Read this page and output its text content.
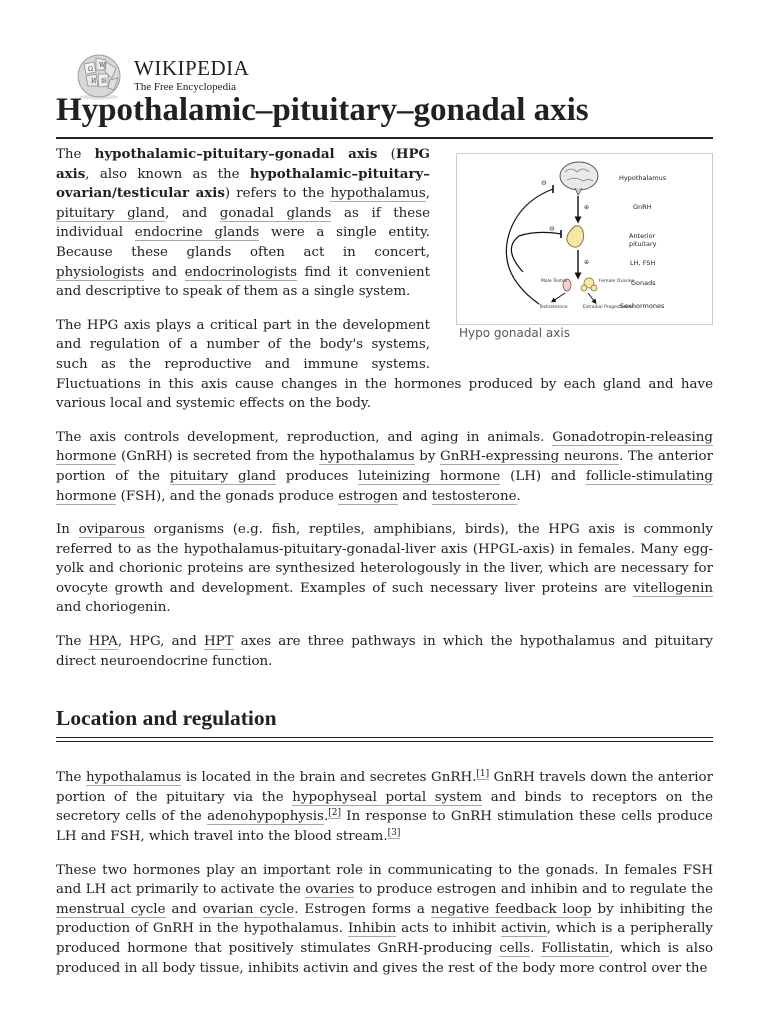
Ω
W
И 維
WIKIPEDIA
The Free Encyclopedia
Hypothalamic–pituitary–gonadal axis
⊕
⊕
⊖
⊖
Hypothalamus
GnRH
Anterior
pituitary
LH, FSH
Gonads
Sexhormones
Male Testes	Female Ovaries
Testosterone	Estradiol Progesterone
Hypo gonadal axis

The hypothalamic–pituitary–gonadal axis (HPG axis, also known as the hypothalamic–pituitary–ovarian/testicular axis) refers to the hypothalamus, pituitary gland, and gonadal glands as if these individual endocrine glands were a single entity. Because these glands often act in concert, physiologists and endocrinologists find it convenient and descriptive to speak of them as a single system.

The HPG axis plays a critical part in the development and regulation of a number of the body's systems, such as the reproductive and immune systems. Fluctuations in this axis cause changes in the hormones produced by each gland and have various local and systemic effects on the body.

The axis controls development, reproduction, and aging in animals. Gonadotropin-releasing hormone (GnRH) is secreted from the hypothalamus by GnRH-expressing neurons. The anterior portion of the pituitary gland produces luteinizing hormone (LH) and follicle-stimulating hormone (FSH), and the gonads produce estrogen and testosterone.

In oviparous organisms (e.g. fish, reptiles, amphibians, birds), the HPG axis is commonly referred to as the hypothalamus-pituitary-gonadal-liver axis (HPGL-axis) in females. Many egg-yolk and chorionic proteins are synthesized heterologously in the liver, which are necessary for ovocyte growth and development. Examples of such necessary liver proteins are vitellogenin and choriogenin.

The HPA, HPG, and HPT axes are three pathways in which the hypothalamus and pituitary direct neuroendocrine function.

Location and regulation

The hypothalamus is located in the brain and secretes GnRH.[1] GnRH travels down the anterior portion of the pituitary via the hypophyseal portal system and binds to receptors on the secretory cells of the adenohypophysis.[2] In response to GnRH stimulation these cells produce LH and FSH, which travel into the blood stream.[3]

These two hormones play an important role in communicating to the gonads. In females FSH and LH act primarily to activate the ovaries to produce estrogen and inhibin and to regulate the menstrual cycle and ovarian cycle. Estrogen forms a negative feedback loop by inhibiting the production of GnRH in the hypothalamus. Inhibin acts to inhibit activin, which is a peripherally produced hormone that positively stimulates GnRH-producing cells. Follistatin, which is also produced in all body tissue, inhibits activin and gives the rest of the body more control over the
